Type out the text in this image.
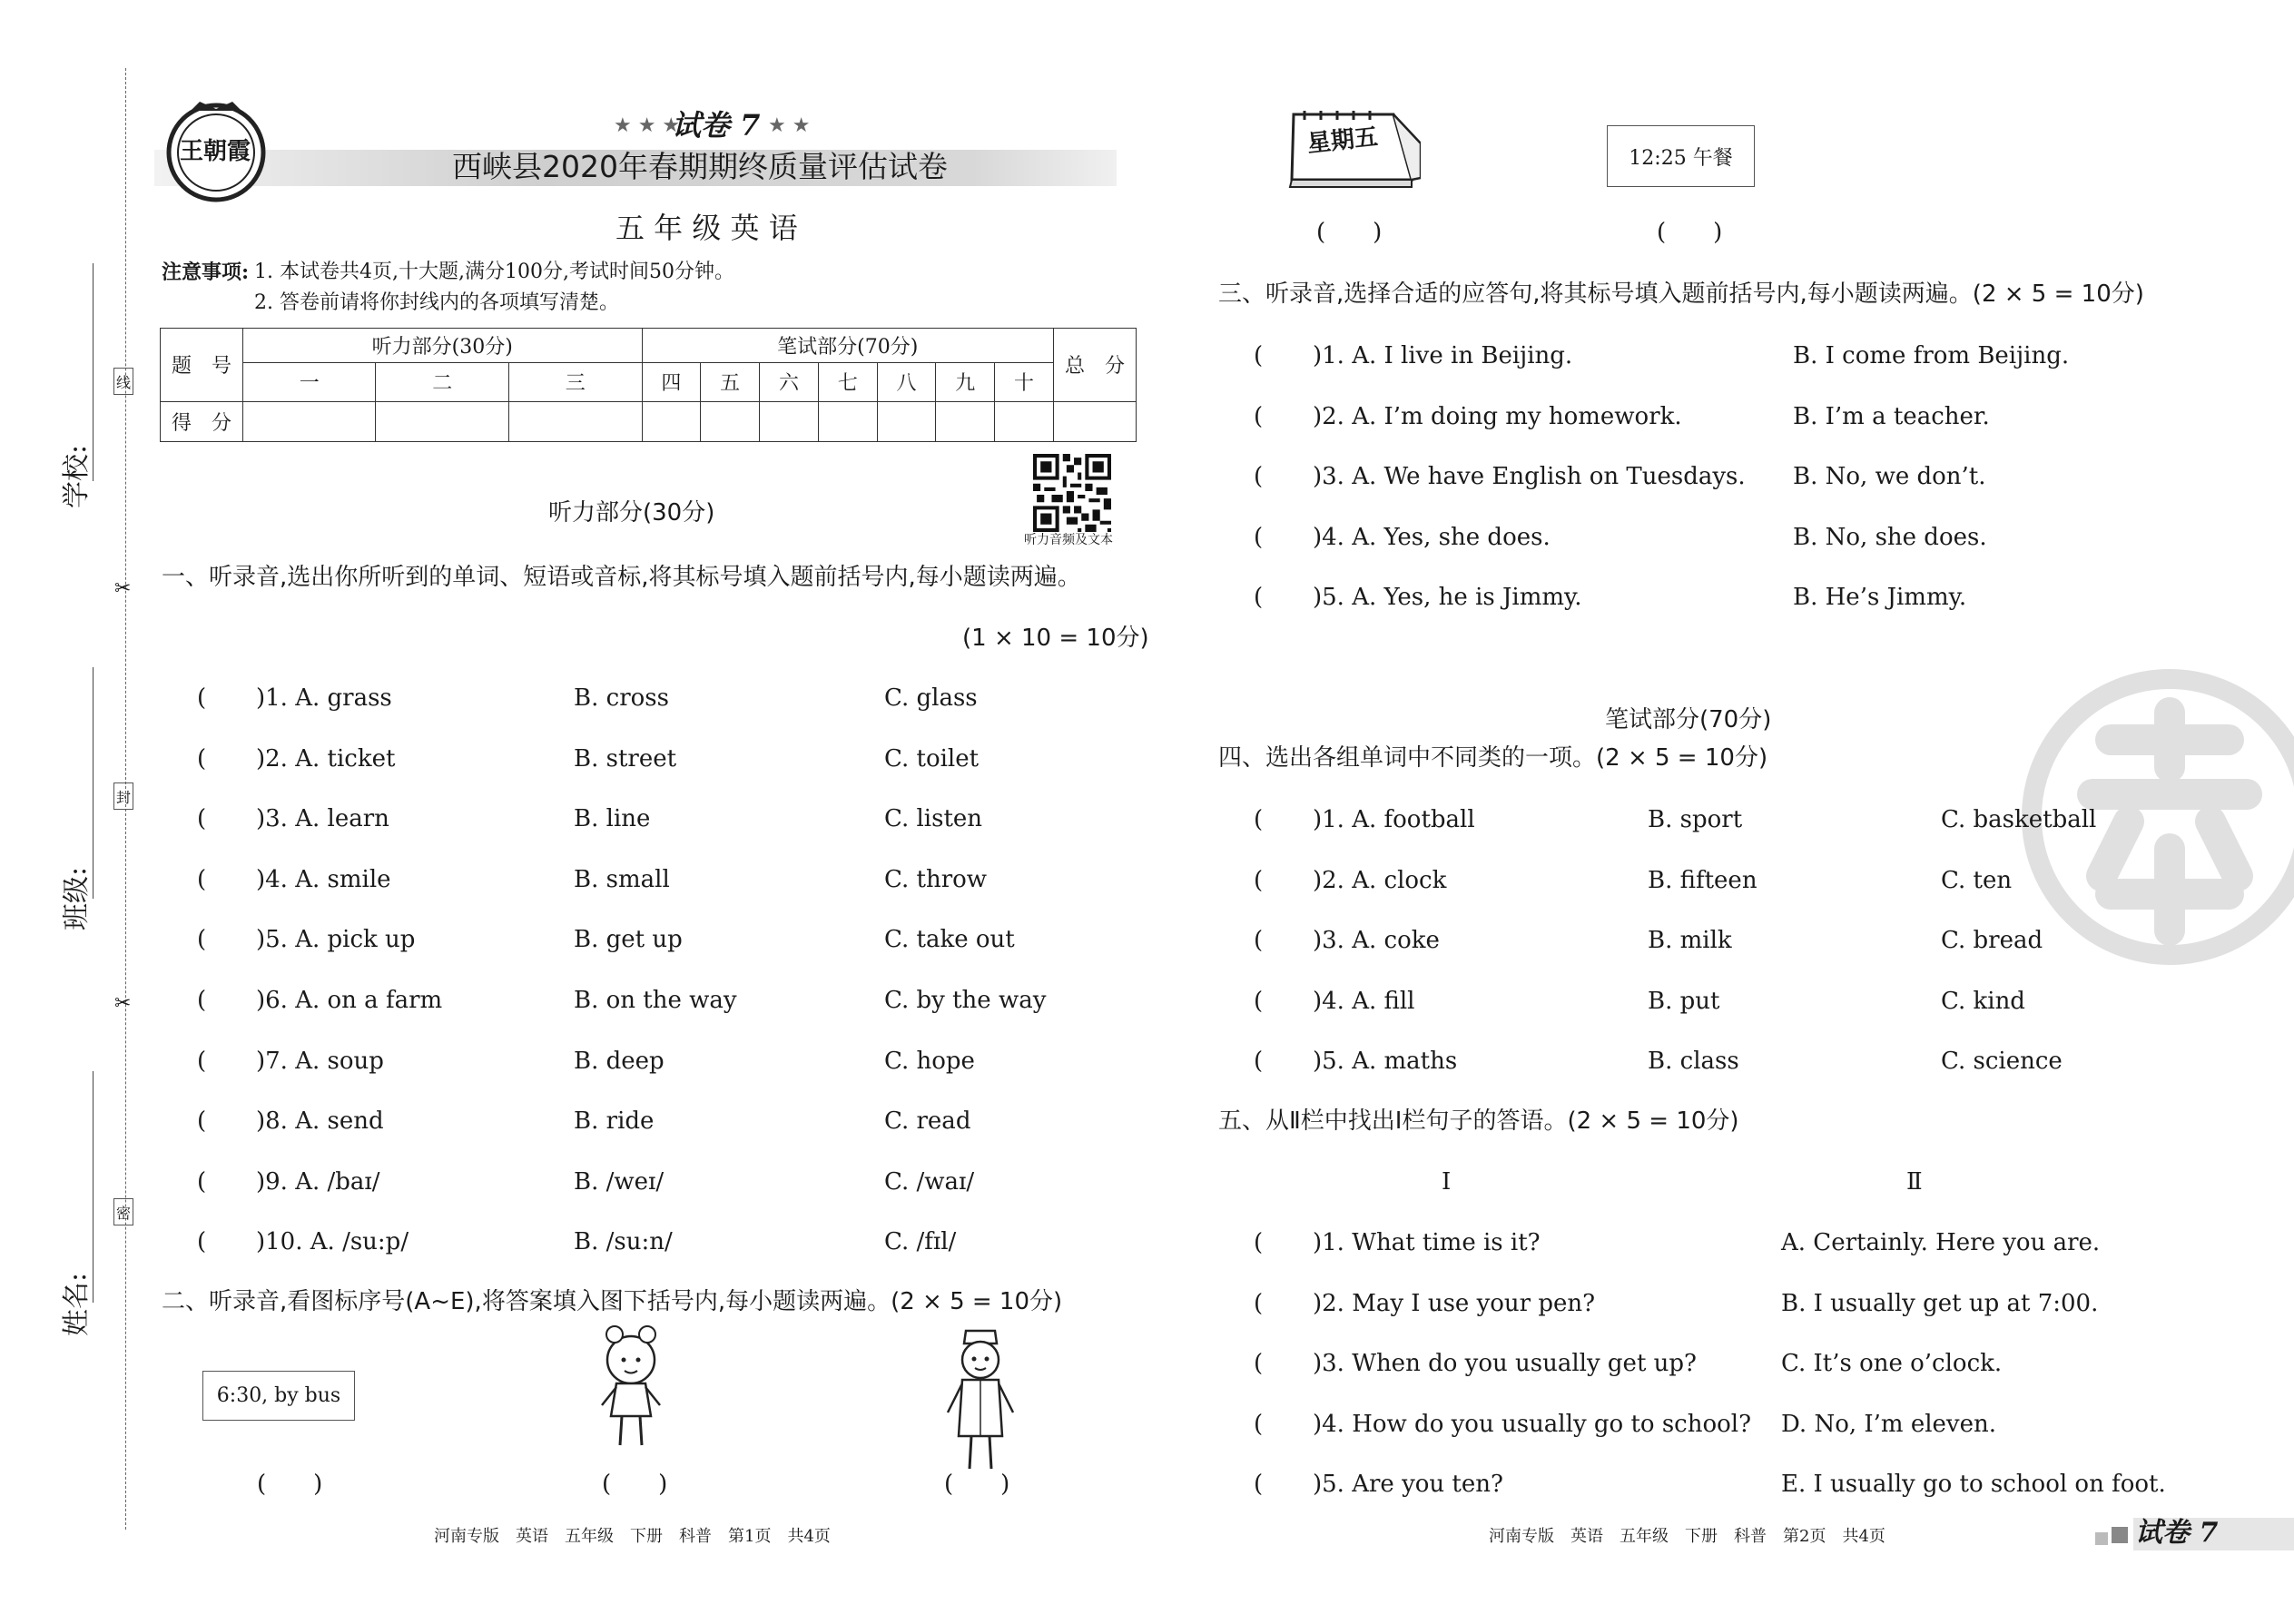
学校:
班级:
姓名:
线
封
密
✂
✂
王朝霞
★ ★ ★
试卷 7 ★ ★
西峡县2020年春期期终质量评估试卷
五 年 级 英 语
注意事项: 1. 本试卷共4页,十大题,满分100分,考试时间50分钟。
2. 答卷前请将你封线内的各项填写清楚。
题　号	听力部分(30分)			笔试部分(70分)							总　分
	一	二	三	四	五	六	七	八	九	十	
得　分											
听力音频及文本
听力部分(30分)
一、听录音,选出你所听到的单词、短语或音标,将其标号填入题前括号内,每小题读两遍。
(1 × 10 = 10分)
二、听录音,看图标序号(A~E),将答案填入图下括号内,每小题读两遍。(2 × 5 = 10分)
6:30, by bus
(　　)	(　　)	(　　)
星期五
12:25 午餐
(　　)	(　　)
三、听录音,选择合适的应答句,将其标号填入题前括号内,每小题读两遍。(2 × 5 = 10分)
笔试部分(70分)
四、选出各组单词中不同类的一项。(2 × 5 = 10分)
五、从Ⅱ栏中找出Ⅰ栏句子的答语。(2 × 5 = 10分)
Ⅰ	Ⅱ
河南专版　英语　五年级　下册　科普　第1页　共4页	河南专版　英语　五年级　下册　科普　第2页　共4页	试卷 7
( )1. A. grass	B. cross	C. glass
( )2. A. ticket	B. street	C. toilet
( )3. A. learn	B. line	C. listen
( )4. A. smile	B. small	C. throw
( )5. A. pick up	B. get up	C. take out
( )6. A. on a farm	B. on the way	C. by the way
( )7. A. soup	B. deep	C. hope
( )8. A. send	B. ride	C. read
( )9. A. /baɪ/	B. /weɪ/	C. /waɪ/
( )10. A. /su:p/	B. /su:n/	C. /fɪl/
( )1. A. I live in Beijing.	B. I come from Beijing.
( )2. A. I’m doing my homework.	B. I’m a teacher.
( )3. A. We have English on Tuesdays. B. No, we don’t.
( )4. A. Yes, she does.	B. No, she does.
( )5. A. Yes, he is Jimmy.	B. He’s Jimmy.
( )1. A. football	B. sport	C. basketball
( )2. A. clock	B. fifteen	C. ten
( )3. A. coke	B. milk	C. bread
( )4. A. fill	B. put	C. kind
( )5. A. maths	B. class	C. science
( )1. What time is it?	A. Certainly. Here you are.
( )2. May I use your pen?	B. I usually get up at 7:00.
( )3. When do you usually get up?	C. It’s one o’clock.
( )4. How do you usually go to school? D. No, I’m eleven.
( )5. Are you ten?	E. I usually go to school on foot.
